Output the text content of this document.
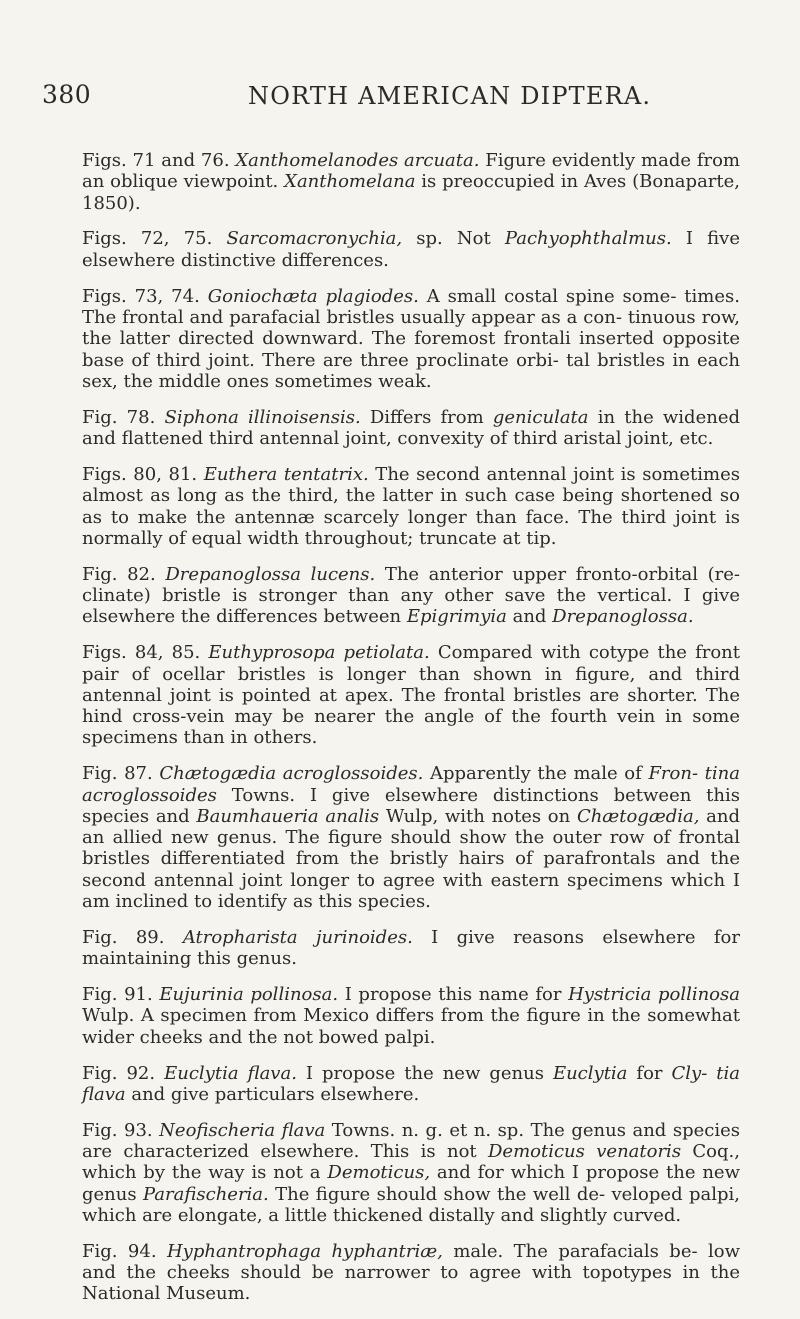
380	NORTH AMERICAN DIPTERA.

Figs. 71 and 76. Xanthomelanodes arcuata. Figure evidently made from an oblique viewpoint. Xanthomelana is preoccupied in Aves (Bonaparte, 1850).

Figs. 72, 75. Sarcomacronychia, sp. Not Pachyophthalmus. I five elsewhere distinctive differences.

Figs. 73, 74. Goniochæta plagiodes. A small costal spine some- times. The frontal and parafacial bristles usually appear as a con- tinuous row, the latter directed downward. The foremost frontali inserted opposite base of third joint. There are three proclinate orbi- tal bristles in each sex, the middle ones sometimes weak.

Fig. 78. Siphona illinoisensis. Differs from geniculata in the widened and flattened third antennal joint, convexity of third aristal joint, etc.

Figs. 80, 81. Euthera tentatrix. The second antennal joint is sometimes almost as long as the third, the latter in such case being shortened so as to make the antennæ scarcely longer than face. The third joint is normally of equal width throughout; truncate at tip.

Fig. 82. Drepanoglossa lucens. The anterior upper fronto-orbital (re- clinate) bristle is stronger than any other save the vertical. I give elsewhere the differences between Epigrimyia and Drepanoglossa.

Figs. 84, 85. Euthyprosopa petiolata. Compared with cotype the front pair of ocellar bristles is longer than shown in figure, and third antennal joint is pointed at apex. The frontal bristles are shorter. The hind cross-vein may be nearer the angle of the fourth vein in some specimens than in others.

Fig. 87. Chætogædia acroglossoides. Apparently the male of Fron- tina acroglossoides Towns. I give elsewhere distinctions between this species and Baumhaueria analis Wulp, with notes on Chætogædia, and an allied new genus. The figure should show the outer row of frontal bristles differentiated from the bristly hairs of parafrontals and the second antennal joint longer to agree with eastern specimens which I am inclined to identify as this species.

Fig. 89. Atropharista jurinoides. I give reasons elsewhere for maintaining this genus.

Fig. 91. Eujurinia pollinosa. I propose this name for Hystricia pollinosa Wulp. A specimen from Mexico differs from the figure in the somewhat wider cheeks and the not bowed palpi.

Fig. 92. Euclytia flava. I propose the new genus Euclytia for Cly- tia flava and give particulars elsewhere.

Fig. 93. Neofischeria flava Towns. n. g. et n. sp. The genus and species are characterized elsewhere. This is not Demoticus venatoris Coq., which by the way is not a Demoticus, and for which I propose the new genus Parafischeria. The figure should show the well de- veloped palpi, which are elongate, a little thickened distally and slightly curved.

Fig. 94. Hyphantrophaga hyphantriæ, male. The parafacials be- low and the cheeks should be narrower to agree with topotypes in the National Museum.
